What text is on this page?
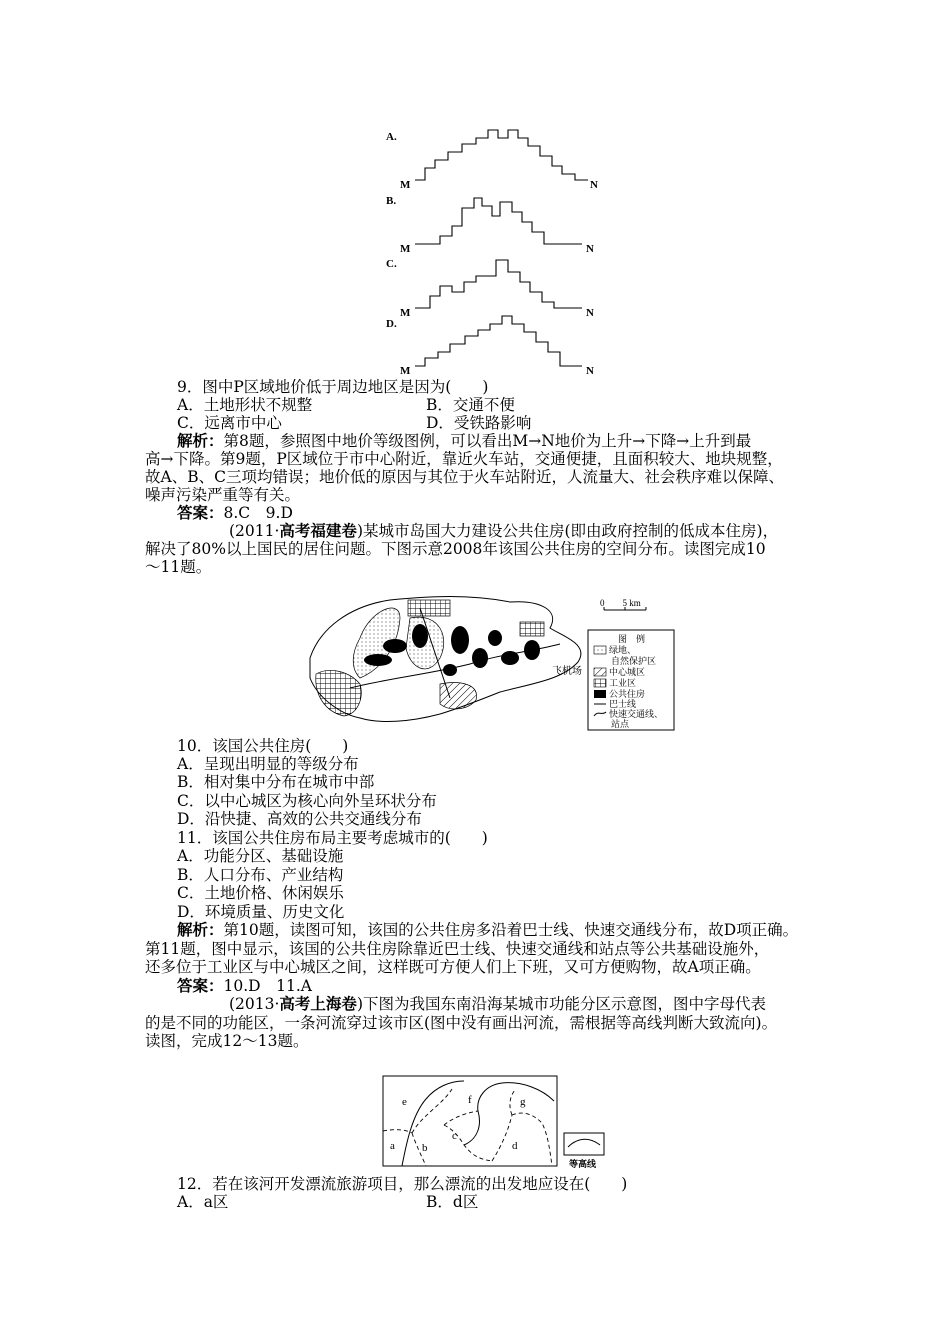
A.
B.
C.
D.
M	N
M	N
M	N
M	N
9．图中P区域地价低于周边地区是因为(　　)
A．土地形状不规整	B．交通不便
C．远离市中心	D．受铁路影响
解析：第8题，参照图中地价等级图例，可以看出M→N地价为上升→下降→上升到最
高→下降。第9题，P区域位于市中心附近，靠近火车站，交通便捷，且面积较大、地块规整，
故A、B、C三项均错误；地价低的原因与其位于火车站附近，人流量大、社会秩序难以保障、
噪声污染严重等有关。
答案：8.C　9.D
(2011·高考福建卷)某城市岛国大力建设公共住房(即由政府控制的低成本住房)，
解决了80%以上国民的居住问题。下图示意2008年该国公共住房的空间分布。读图完成10
～11题。
飞机场
0　　5 km
图　例
绿地、
自然保护区
中心城区
工业区
公共住房
巴士线
快速交通线、
站点
10．该国公共住房(　　)
A．呈现出明显的等级分布
B．相对集中分布在城市中部
C．以中心城区为核心向外呈环状分布
D．沿快捷、高效的公共交通线分布
11．该国公共住房布局主要考虑城市的(　　)
A．功能分区、基础设施
B．人口分布、产业结构
C．土地价格、休闲娱乐
D．环境质量、历史文化
解析：第10题，读图可知，该国的公共住房多沿着巴士线、快速交通线分布，故D项正确。
第11题，图中显示，该国的公共住房除靠近巴士线、快速交通线和站点等公共基础设施外，
还多位于工业区与中心城区之间，这样既可方便人们上下班，又可方便购物，故A项正确。
答案：10.D　11.A
(2013·高考上海卷)下图为我国东南沿海某城市功能分区示意图，图中字母代表
的是不同的功能区，一条河流穿过该市区(图中没有画出河流，需根据等高线判断大致流向)。
读图，完成12～13题。
a b
c
d
e	f	g
等高线
12．若在该河开发漂流旅游项目，那么漂流的出发地应设在(　　)
A．a区	B．d区
